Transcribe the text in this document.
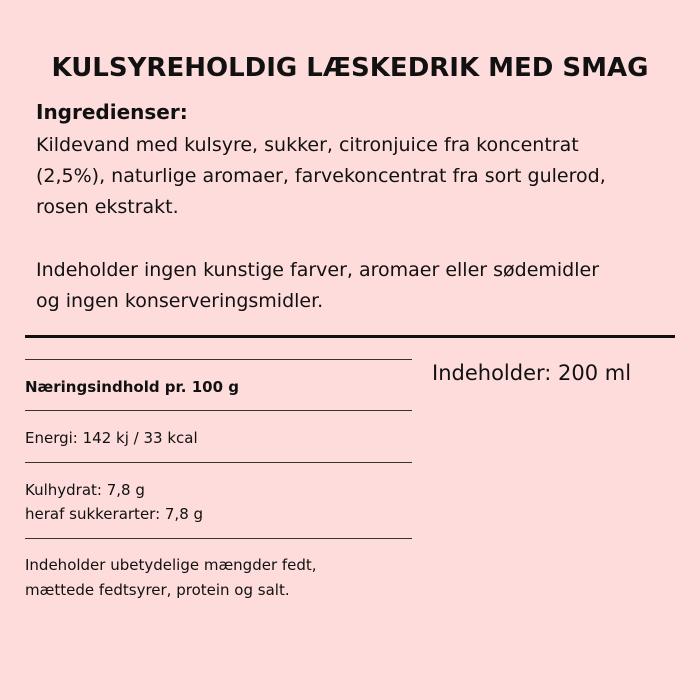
KULSYREHOLDIG LÆSKEDRIK MED SMAG
Ingredienser:
Kildevand med kulsyre, sukker, citronjuice fra koncentrat
(2,5%), naturlige aromaer, farvekoncentrat fra sort gulerod,
rosen ekstrakt.
Indeholder ingen kunstige farver, aromaer eller sødemidler
og ingen konserveringsmidler.
Næringsindhold pr. 100 g
Energi: 142 kj / 33 kcal
Kulhydrat: 7,8 g
heraf sukkerarter: 7,8 g
Indeholder ubetydelige mængder fedt,
mættede fedtsyrer, protein og salt.
Indeholder: 200 ml
